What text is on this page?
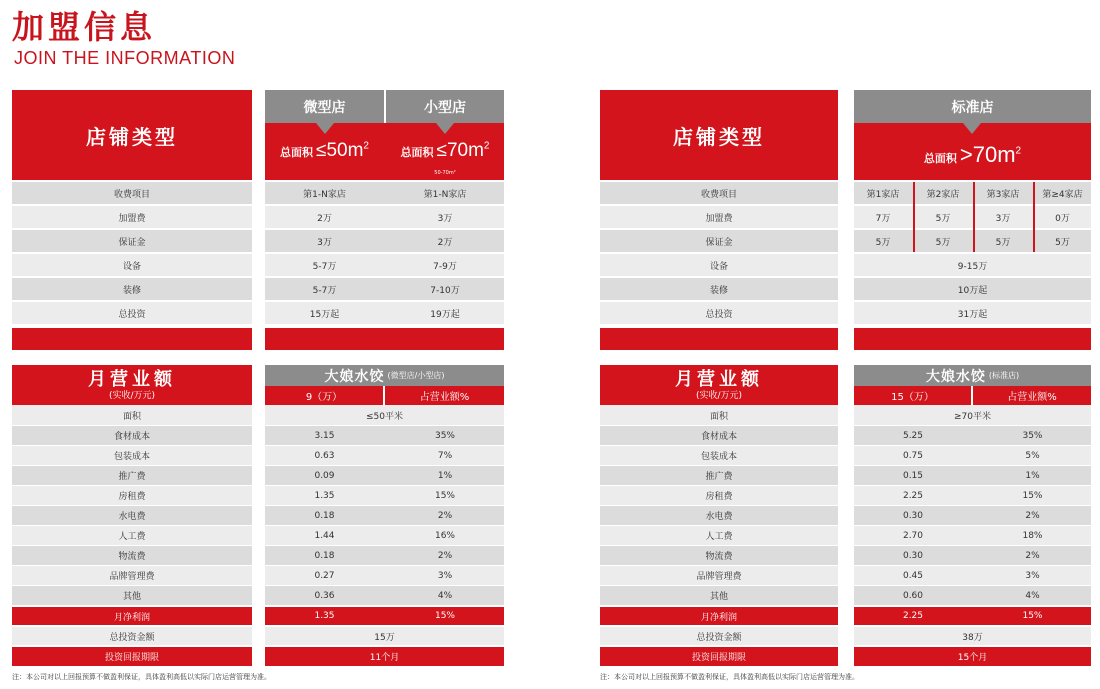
加盟信息
JOIN THE INFORMATION
店铺类型
微型店	小型店
总面积 $\le 50m^2$	总面积 $\le 70m^2$
50-70m²
收费项目	第1-N家店	第1-N家店
加盟费	2万	3万
保证金	3万	2万
设备	5-7万	7-9万
装修	5-7万	7-10万
总投资	15万起	19万起
月营业额
(实收/万元)
大娘水饺 (微型店/小型店)
9（万）	占营业额%
面积	≤50平米
食材成本	3.15	35%
包装成本	0.63	7%
推广费	0.09	1%
房租费	1.35	15%
水电费	0.18	2%
人工费	1.44	16%
物流费	0.18	2%
品牌管理费	0.27	3%
其他	0.36	4%
月净利润	1.35	15%
总投资金额	15万
投资回报期限	11个月
注：本公司对以上回报预算不做盈利保证，具体盈利高低以实际门店运营管理为准。
店铺类型
标准店
总面积 $>70m^2$
收费项目	第1家店	第2家店	第3家店	第≥4家店
加盟费	7万	5万	3万	0万
保证金	5万	5万	5万	5万
设备	9-15万
装修	10万起
总投资	31万起
月营业额
(实收/万元)
大娘水饺 (标准店)
15（万）	占营业额%
面积	≥70平米
食材成本	5.25	35%
包装成本	0.75	5%
推广费	0.15	1%
房租费	2.25	15%
水电费	0.30	2%
人工费	2.70	18%
物流费	0.30	2%
品牌管理费	0.45	3%
其他	0.60	4%
月净利润	2.25	15%
总投资金额	38万
投资回报期限	15个月
注：本公司对以上回报预算不做盈利保证，具体盈利高低以实际门店运营管理为准。
